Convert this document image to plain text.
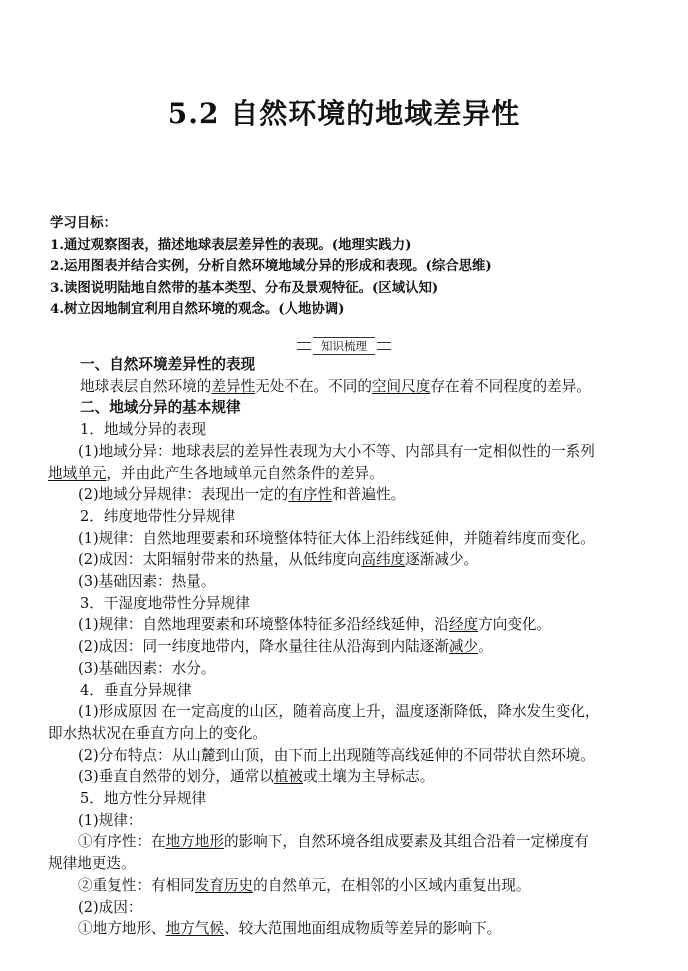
5.2 自然环境的地域差异性
学习目标：
1.通过观察图表，描述地球表层差异性的表现。(地理实践力)
2.运用图表并结合实例，分析自然环境地域分异的形成和表现。(综合思维)
3.读图说明陆地自然带的基本类型、分布及景观特征。(区域认知)
4.树立因地制宜利用自然环境的观念。(人地协调)
知识梳理
一、自然环境差异性的表现
地球表层自然环境的差异性无处不在。不同的空间尺度存在着不同程度的差异。
二、地域分异的基本规律
1．地域分异的表现
(1)地域分异：地球表层的差异性表现为大小不等、内部具有一定相似性的一系列
地域单元，并由此产生各地域单元自然条件的差异。
(2)地域分异规律：表现出一定的有序性和普遍性。
2．纬度地带性分异规律
(1)规律：自然地理要素和环境整体特征大体上沿纬线延伸，并随着纬度而变化。
(2)成因：太阳辐射带来的热量，从低纬度向高纬度逐渐减少。
(3)基础因素：热量。
3．干湿度地带性分异规律
(1)规律：自然地理要素和环境整体特征多沿经线延伸，沿经度方向变化。
(2)成因：同一纬度地带内，降水量往往从沿海到内陆逐渐减少。
(3)基础因素：水分。
4．垂直分异规律
(1)形成原因 在一定高度的山区，随着高度上升，温度逐渐降低，降水发生变化，
即水热状况在垂直方向上的变化。
(2)分布特点：从山麓到山顶，由下而上出现随等高线延伸的不同带状自然环境。
(3)垂直自然带的划分，通常以植被或土壤为主导标志。
5．地方性分异规律
(1)规律：
①有序性：在地方地形的影响下，自然环境各组成要素及其组合沿着一定梯度有
规律地更迭。
②重复性：有相同发育历史的自然单元，在相邻的小区域内重复出现。
(2)成因：
①地方地形、地方气候、较大范围地面组成物质等差异的影响下。
